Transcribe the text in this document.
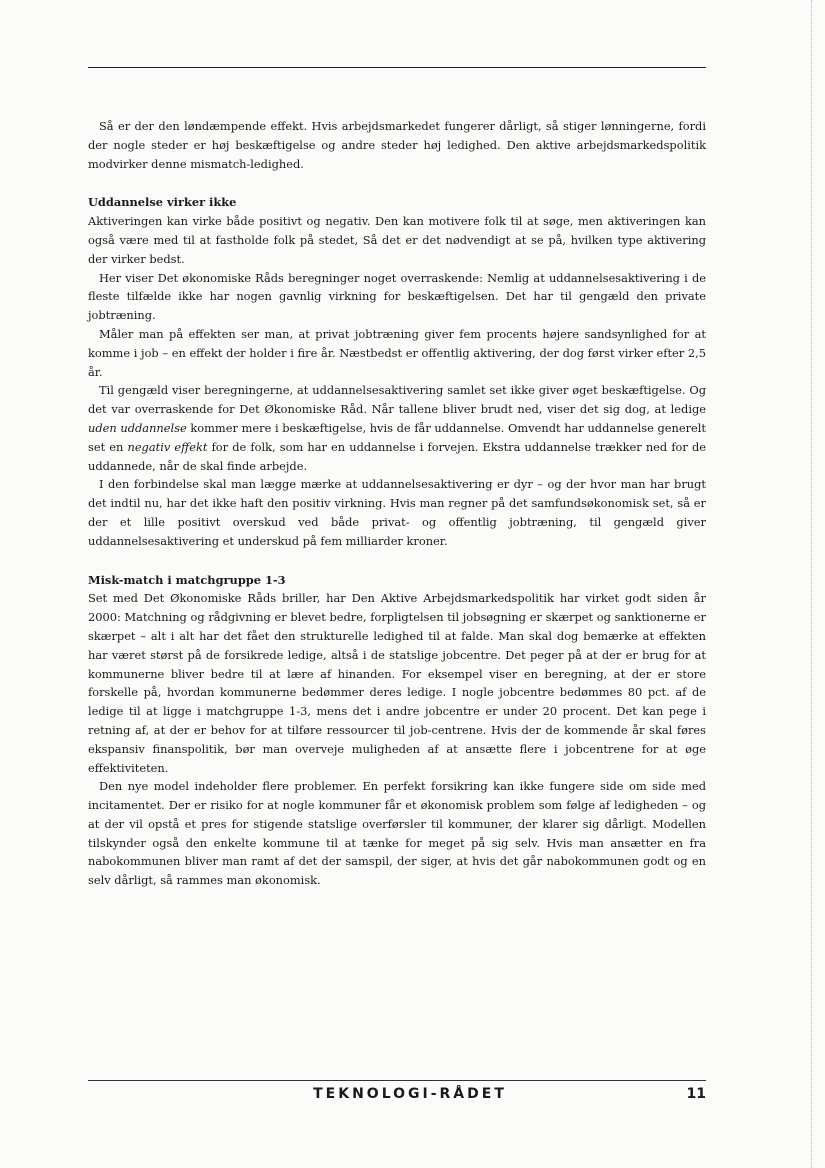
Så er der den løndæmpende effekt. Hvis arbejdsmarkedet fungerer dårligt, så stiger lønningerne, fordi der nogle steder er høj beskæftigelse og andre steder høj ledighed. Den aktive arbejdsmarkedspolitik modvirker denne mismatch-ledighed.

Uddannelse virker ikke

Aktiveringen kan virke både positivt og negativ. Den kan motivere folk til at søge, men aktiveringen kan også være med til at fastholde folk på stedet, Så det er det nødvendigt at se på, hvilken type aktivering der virker bedst.

Her viser Det økonomiske Råds beregninger noget overraskende: Nemlig at uddannelsesaktivering i de fleste tilfælde ikke har nogen gavnlig virkning for beskæftigelsen. Det har til gengæld den private jobtræning.

Måler man på effekten ser man, at privat jobtræning giver fem procents højere sandsynlighed for at komme i job – en effekt der holder i fire år. Næstbedst er offentlig aktivering, der dog først virker efter 2,5 år.

Til gengæld viser beregningerne, at uddannelsesaktivering samlet set ikke giver øget beskæftigelse. Og det var overraskende for Det Økonomiske Råd. Når tallene bliver brudt ned, viser det sig dog, at ledige uden uddannelse kommer mere i beskæftigelse, hvis de får uddannelse. Omvendt har uddannelse generelt set en negativ effekt for de folk, som har en uddannelse i forvejen. Ekstra uddannelse trækker ned for de uddannede, når de skal finde arbejde.

I den forbindelse skal man lægge mærke at uddannelsesaktivering er dyr – og der hvor man har brugt det indtil nu, har det ikke haft den positiv virkning. Hvis man regner på det samfundsøkonomisk set, så er der et lille positivt overskud ved både privat- og offentlig jobtræning, til gengæld giver uddannelsesaktivering et underskud på fem milliarder kroner.

Misk-match i matchgruppe 1-3

Set med Det Økonomiske Råds briller, har Den Aktive Arbejdsmarkedspolitik har virket godt siden år 2000: Matchning og rådgivning er blevet bedre, forpligtelsen til jobsøgning er skærpet og sanktionerne er skærpet – alt i alt har det fået den strukturelle ledighed til at falde. Man skal dog bemærke at effekten har været størst på de forsikrede ledige, altså i de statslige jobcentre. Det peger på at der er brug for at kommunerne bliver bedre til at lære af hinanden. For eksempel viser en beregning, at der er store forskelle på, hvordan kommunerne bedømmer deres ledige. I nogle jobcentre bedømmes 80 pct. af de ledige til at ligge i matchgruppe 1-3, mens det i andre jobcentre er under 20 procent. Det kan pege i retning af, at der er behov for at tilføre ressourcer til job-centrene. Hvis der de kommende år skal føres ekspansiv finanspolitik, bør man overveje muligheden af at ansætte flere i jobcentrene for at øge effektiviteten.

Den nye model indeholder flere problemer. En perfekt forsikring kan ikke fungere side om side med incitamentet. Der er risiko for at nogle kommuner får et økonomisk problem som følge af ledigheden – og at der vil opstå et pres for stigende statslige overførsler til kommuner, der klarer sig dårligt. Modellen tilskynder også den enkelte kommune til at tænke for meget på sig selv. Hvis man ansætter en fra nabokommunen bliver man ramt af det der samspil, der siger, at hvis det går nabokommunen godt og en selv dårligt, så rammes man økonomisk.

TEKNOLOGI-RÅDET	11
